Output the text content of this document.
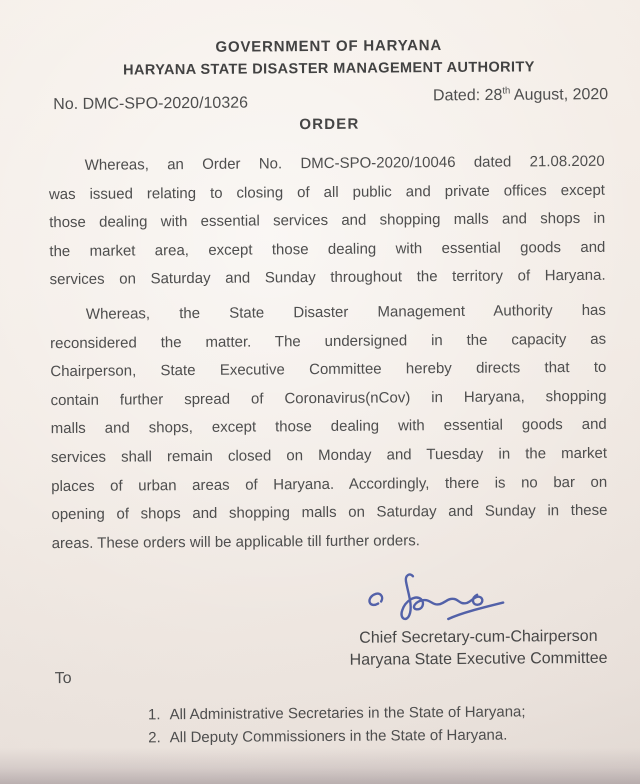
GOVERNMENT OF HARYANA
HARYANA STATE DISASTER MANAGEMENT AUTHORITY
No. DMC-SPO-2020/10326	Dated: 28th August, 2020
ORDER
Whereas, an Order No. DMC-SPO-2020/10046 dated 21.08.2020
was issued relating to closing of all public and private offices except
those dealing with essential services and shopping malls and shops in
the market area, except those dealing with essential goods and
services on Saturday and Sunday throughout the territory of Haryana.
Whereas, the State Disaster Management Authority has
reconsidered the matter. The undersigned in the capacity as
Chairperson, State Executive Committee hereby directs that to
contain further spread of Coronavirus(nCov) in Haryana, shopping
malls and shops, except those dealing with essential goods and
services shall remain closed on Monday and Tuesday in the market
places of urban areas of Haryana. Accordingly, there is no bar on
opening of shops and shopping malls on Saturday and Sunday in these
areas. These orders will be applicable till further orders.
Chief Secretary-cum-Chairperson
Haryana State Executive Committee
To
1. All Administrative Secretaries in the State of Haryana;
2. All Deputy Commissioners in the State of Haryana.
